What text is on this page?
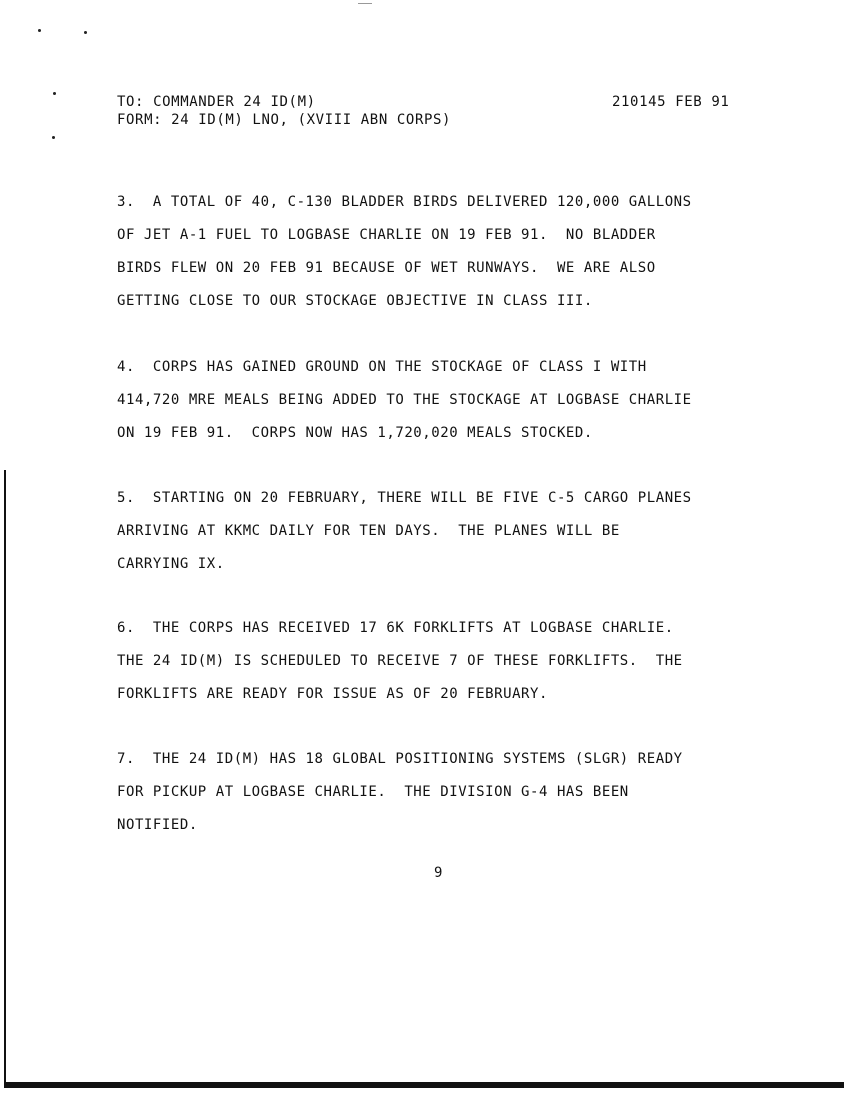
TO: COMMANDER 24 ID(M)
FORM: 24 ID(M) LNO, (XVIII ABN CORPS)
210145 FEB 91
3.  A TOTAL OF 40, C-130 BLADDER BIRDS DELIVERED 120,000 GALLONS
OF JET A-1 FUEL TO LOGBASE CHARLIE ON 19 FEB 91.  NO BLADDER
BIRDS FLEW ON 20 FEB 91 BECAUSE OF WET RUNWAYS.  WE ARE ALSO
GETTING CLOSE TO OUR STOCKAGE OBJECTIVE IN CLASS III.
4.  CORPS HAS GAINED GROUND ON THE STOCKAGE OF CLASS I WITH
414,720 MRE MEALS BEING ADDED TO THE STOCKAGE AT LOGBASE CHARLIE
ON 19 FEB 91.  CORPS NOW HAS 1,720,020 MEALS STOCKED.
5.  STARTING ON 20 FEBRUARY, THERE WILL BE FIVE C-5 CARGO PLANES
ARRIVING AT KKMC DAILY FOR TEN DAYS.  THE PLANES WILL BE
CARRYING IX.
6.  THE CORPS HAS RECEIVED 17 6K FORKLIFTS AT LOGBASE CHARLIE.
THE 24 ID(M) IS SCHEDULED TO RECEIVE 7 OF THESE FORKLIFTS.  THE
FORKLIFTS ARE READY FOR ISSUE AS OF 20 FEBRUARY.
7.  THE 24 ID(M) HAS 18 GLOBAL POSITIONING SYSTEMS (SLGR) READY
FOR PICKUP AT LOGBASE CHARLIE.  THE DIVISION G-4 HAS BEEN
NOTIFIED.
9
